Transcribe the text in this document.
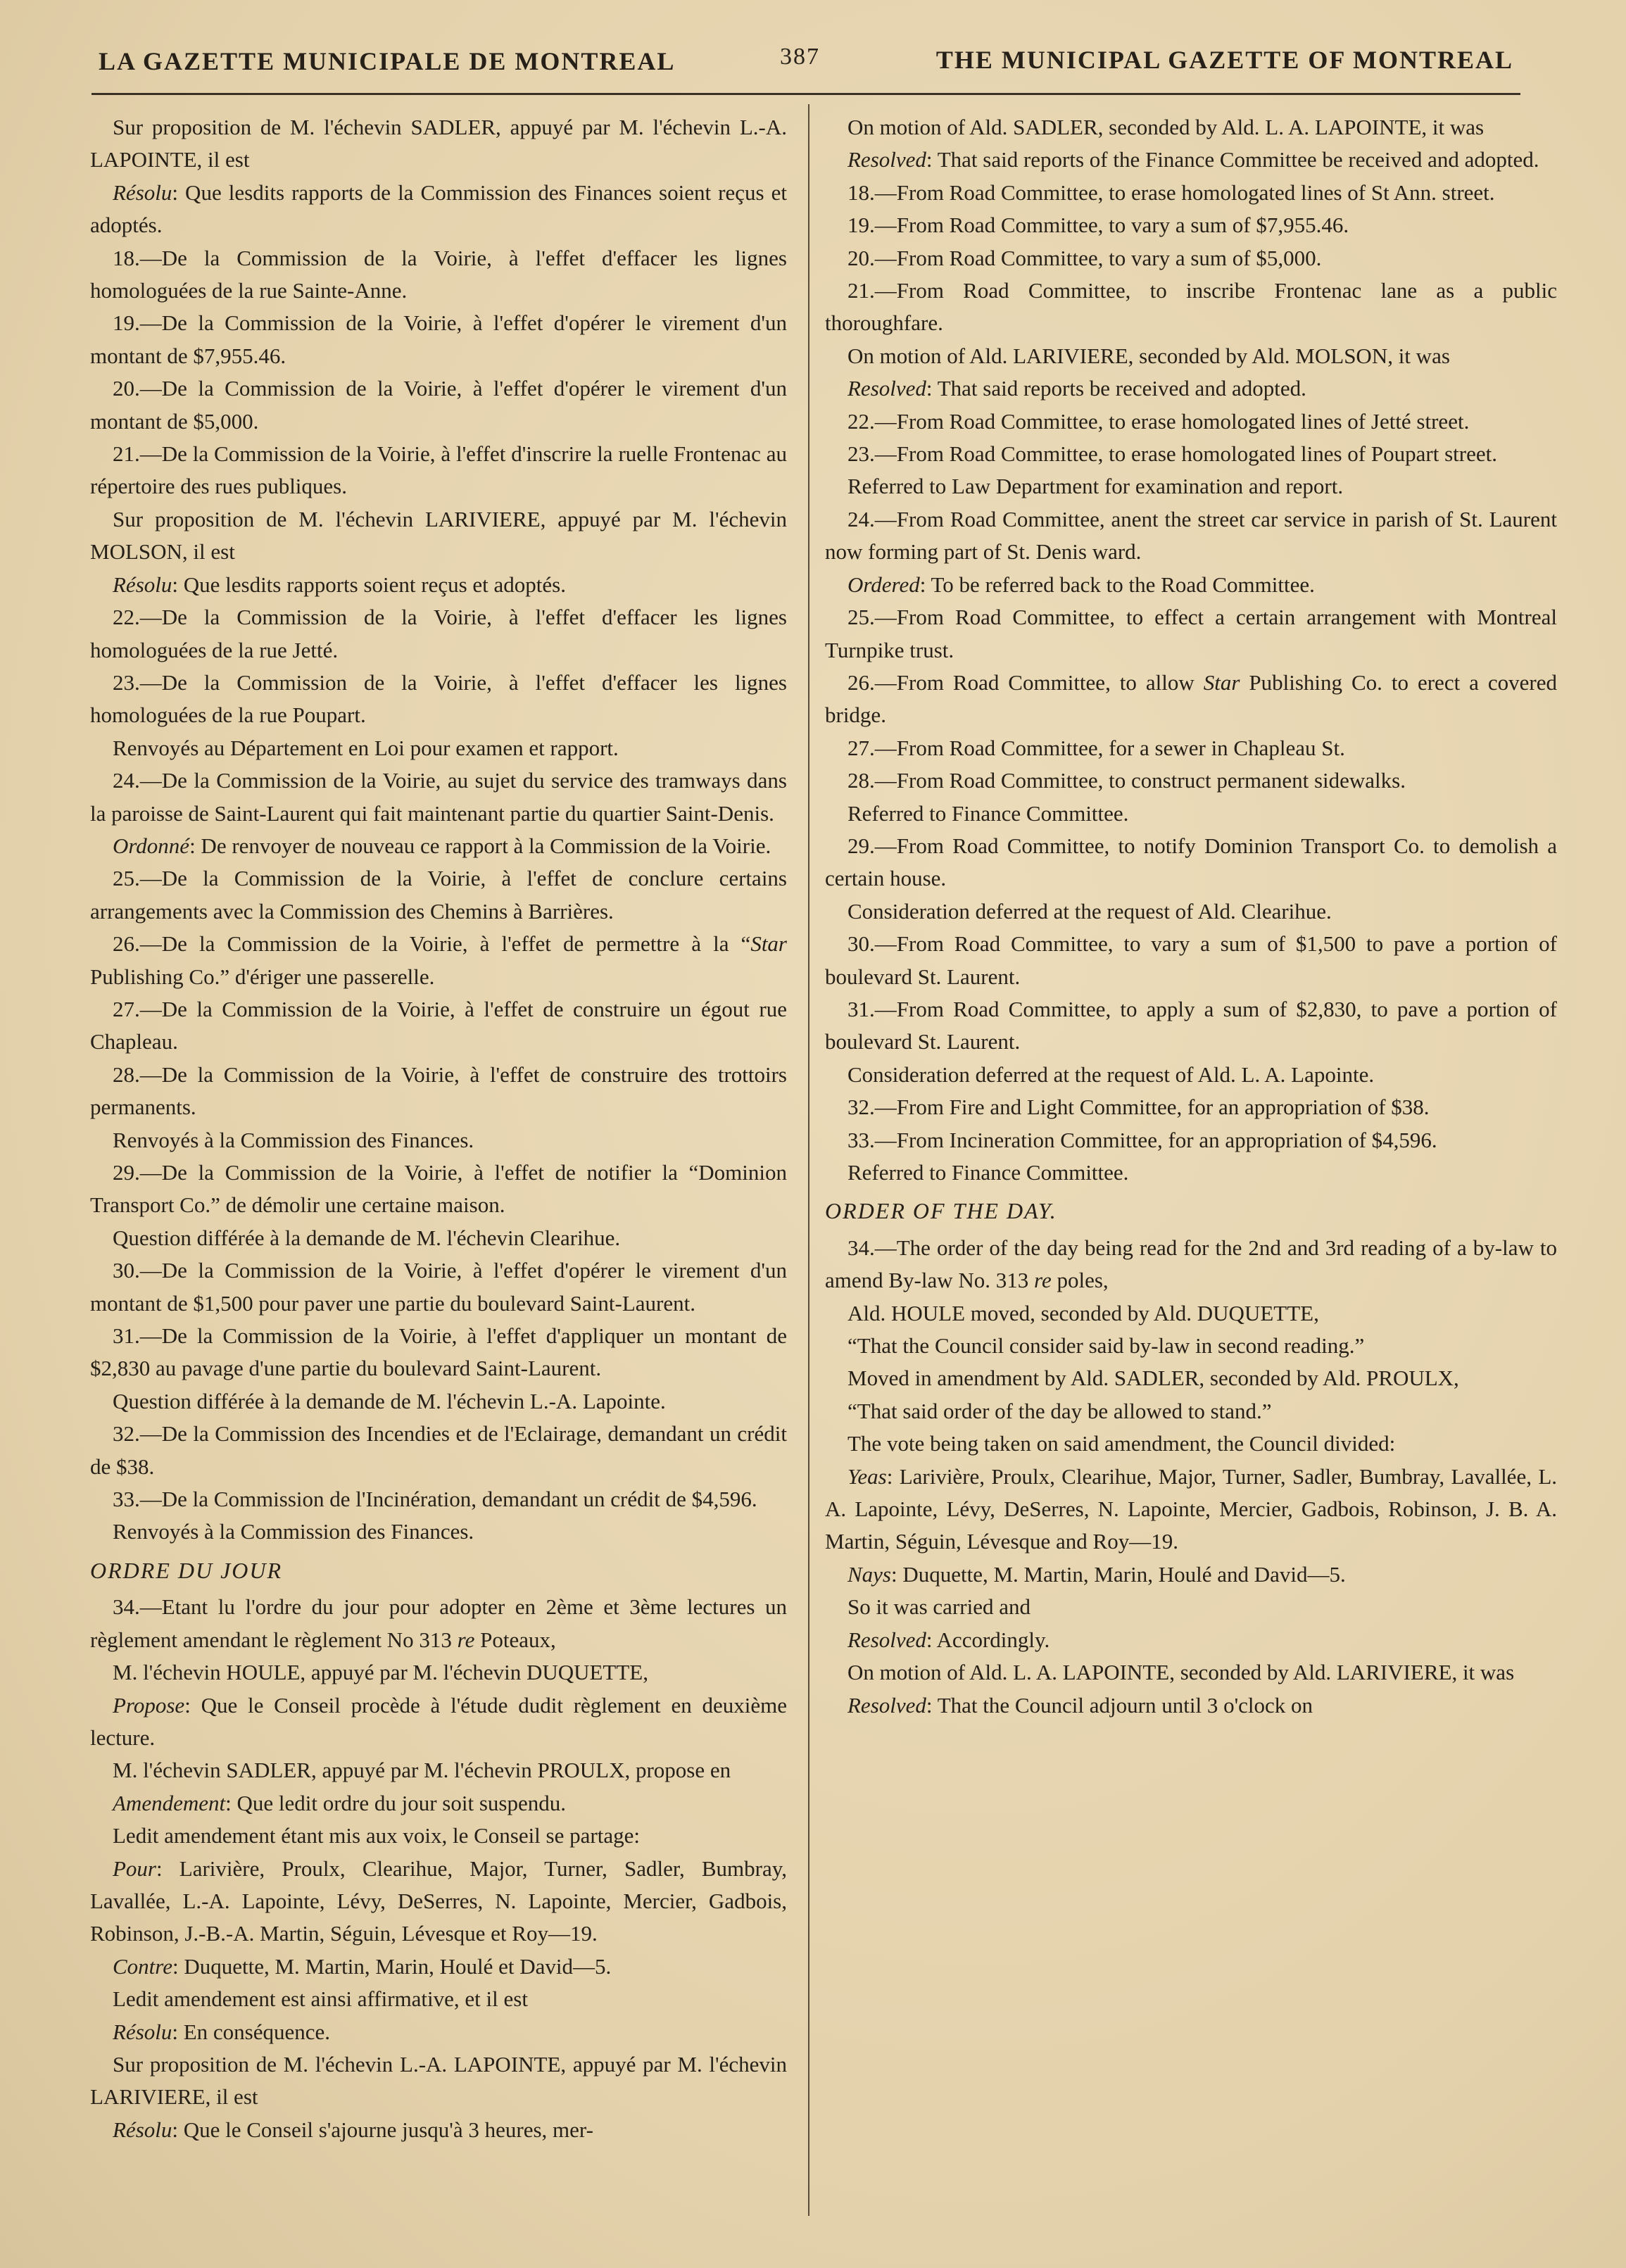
LA GAZETTE MUNICIPALE DE MONTREAL	387	THE MUNICIPAL GAZETTE OF MONTREAL

Sur proposition de M. l'échevin SADLER, appuyé par M. l'échevin L.-A. LAPOINTE, il est

Résolu: Que lesdits rapports de la Commission des Finances soient reçus et adoptés.

18.—De la Commission de la Voirie, à l'effet d'effacer les lignes homologuées de la rue Sainte-Anne.

19.—De la Commission de la Voirie, à l'effet d'opérer le virement d'un montant de $7,955.46.

20.—De la Commission de la Voirie, à l'effet d'opérer le virement d'un montant de $5,000.

21.—De la Commission de la Voirie, à l'effet d'inscrire la ruelle Frontenac au répertoire des rues publiques.

Sur proposition de M. l'échevin LARIVIERE, appuyé par M. l'échevin MOLSON, il est

Résolu: Que lesdits rapports soient reçus et adoptés.

22.—De la Commission de la Voirie, à l'effet d'effacer les lignes homologuées de la rue Jetté.

23.—De la Commission de la Voirie, à l'effet d'effacer les lignes homologuées de la rue Poupart.

Renvoyés au Département en Loi pour examen et rapport.

24.—De la Commission de la Voirie, au sujet du service des tramways dans la paroisse de Saint-Laurent qui fait maintenant partie du quartier Saint-Denis.

Ordonné: De renvoyer de nouveau ce rapport à la Commission de la Voirie.

25.—De la Commission de la Voirie, à l'effet de conclure certains arrangements avec la Commission des Chemins à Barrières.

26.—De la Commission de la Voirie, à l'effet de permettre à la “Star Publishing Co.” d'ériger une passerelle.

27.—De la Commission de la Voirie, à l'effet de construire un égout rue Chapleau.

28.—De la Commission de la Voirie, à l'effet de construire des trottoirs permanents.

Renvoyés à la Commission des Finances.

29.—De la Commission de la Voirie, à l'effet de notifier la “Dominion Transport Co.” de démolir une certaine maison.

Question différée à la demande de M. l'échevin Clearihue.

30.—De la Commission de la Voirie, à l'effet d'opérer le virement d'un montant de $1,500 pour paver une partie du boulevard Saint-Laurent.

31.—De la Commission de la Voirie, à l'effet d'appliquer un montant de $2,830 au pavage d'une partie du boulevard Saint-Laurent.

Question différée à la demande de M. l'échevin L.-A. Lapointe.

32.—De la Commission des Incendies et de l'Eclairage, demandant un crédit de $38.

33.—De la Commission de l'Incinération, demandant un crédit de $4,596.

Renvoyés à la Commission des Finances.

ORDRE DU JOUR

34.—Etant lu l'ordre du jour pour adopter en 2ème et 3ème lectures un règlement amendant le règlement No 313 re Poteaux,

M. l'échevin HOULE, appuyé par M. l'échevin DUQUETTE,

Propose: Que le Conseil procède à l'étude dudit règlement en deuxième lecture.

M. l'échevin SADLER, appuyé par M. l'échevin PROULX, propose en

Amendement: Que ledit ordre du jour soit suspendu.

Ledit amendement étant mis aux voix, le Conseil se partage:

Pour: Larivière, Proulx, Clearihue, Major, Turner, Sadler, Bumbray, Lavallée, L.-A. Lapointe, Lévy, DeSerres, N. Lapointe, Mercier, Gadbois, Robinson, J.-B.-A. Martin, Séguin, Lévesque et Roy—19.

Contre: Duquette, M. Martin, Marin, Houlé et David—5.

Ledit amendement est ainsi affirmative, et il est

Résolu: En conséquence.

Sur proposition de M. l'échevin L.-A. LAPOINTE, appuyé par M. l'échevin LARIVIERE, il est

Résolu: Que le Conseil s'ajourne jusqu'à 3 heures, mer-

On motion of Ald. SADLER, seconded by Ald. L. A. LAPOINTE, it was

Resolved: That said reports of the Finance Committee be received and adopted.

18.—From Road Committee, to erase homologated lines of St Ann. street.

19.—From Road Committee, to vary a sum of $7,955.46.

20.—From Road Committee, to vary a sum of $5,000.

21.—From Road Committee, to inscribe Frontenac lane as a public thoroughfare.

On motion of Ald. LARIVIERE, seconded by Ald. MOLSON, it was

Resolved: That said reports be received and adopted.

22.—From Road Committee, to erase homologated lines of Jetté street.

23.—From Road Committee, to erase homologated lines of Poupart street.

Referred to Law Department for examination and report.

24.—From Road Committee, anent the street car service in parish of St. Laurent now forming part of St. Denis ward.

Ordered: To be referred back to the Road Committee.

25.—From Road Committee, to effect a certain arrangement with Montreal Turnpike trust.

26.—From Road Committee, to allow Star Publishing Co. to erect a covered bridge.

27.—From Road Committee, for a sewer in Chapleau St.

28.—From Road Committee, to construct permanent sidewalks.

Referred to Finance Committee.

29.—From Road Committee, to notify Dominion Transport Co. to demolish a certain house.

Consideration deferred at the request of Ald. Clearihue.

30.—From Road Committee, to vary a sum of $1,500 to pave a portion of boulevard St. Laurent.

31.—From Road Committee, to apply a sum of $2,830, to pave a portion of boulevard St. Laurent.

Consideration deferred at the request of Ald. L. A. Lapointe.

32.—From Fire and Light Committee, for an appropriation of $38.

33.—From Incineration Committee, for an appropriation of $4,596.

Referred to Finance Committee.

ORDER OF THE DAY.

34.—The order of the day being read for the 2nd and 3rd reading of a by-law to amend By-law No. 313 re poles,

Ald. HOULE moved, seconded by Ald. DUQUETTE,

“That the Council consider said by-law in second reading.”

Moved in amendment by Ald. SADLER, seconded by Ald. PROULX,

“That said order of the day be allowed to stand.”

The vote being taken on said amendment, the Council divided:

Yeas: Larivière, Proulx, Clearihue, Major, Turner, Sadler, Bumbray, Lavallée, L. A. Lapointe, Lévy, DeSerres, N. Lapointe, Mercier, Gadbois, Robinson, J. B. A. Martin, Séguin, Lévesque and Roy—19.

Nays: Duquette, M. Martin, Marin, Houlé and David—5.

So it was carried and

Resolved: Accordingly.

On motion of Ald. L. A. LAPOINTE, seconded by Ald. LARIVIERE, it was

Resolved: That the Council adjourn until 3 o'clock on
